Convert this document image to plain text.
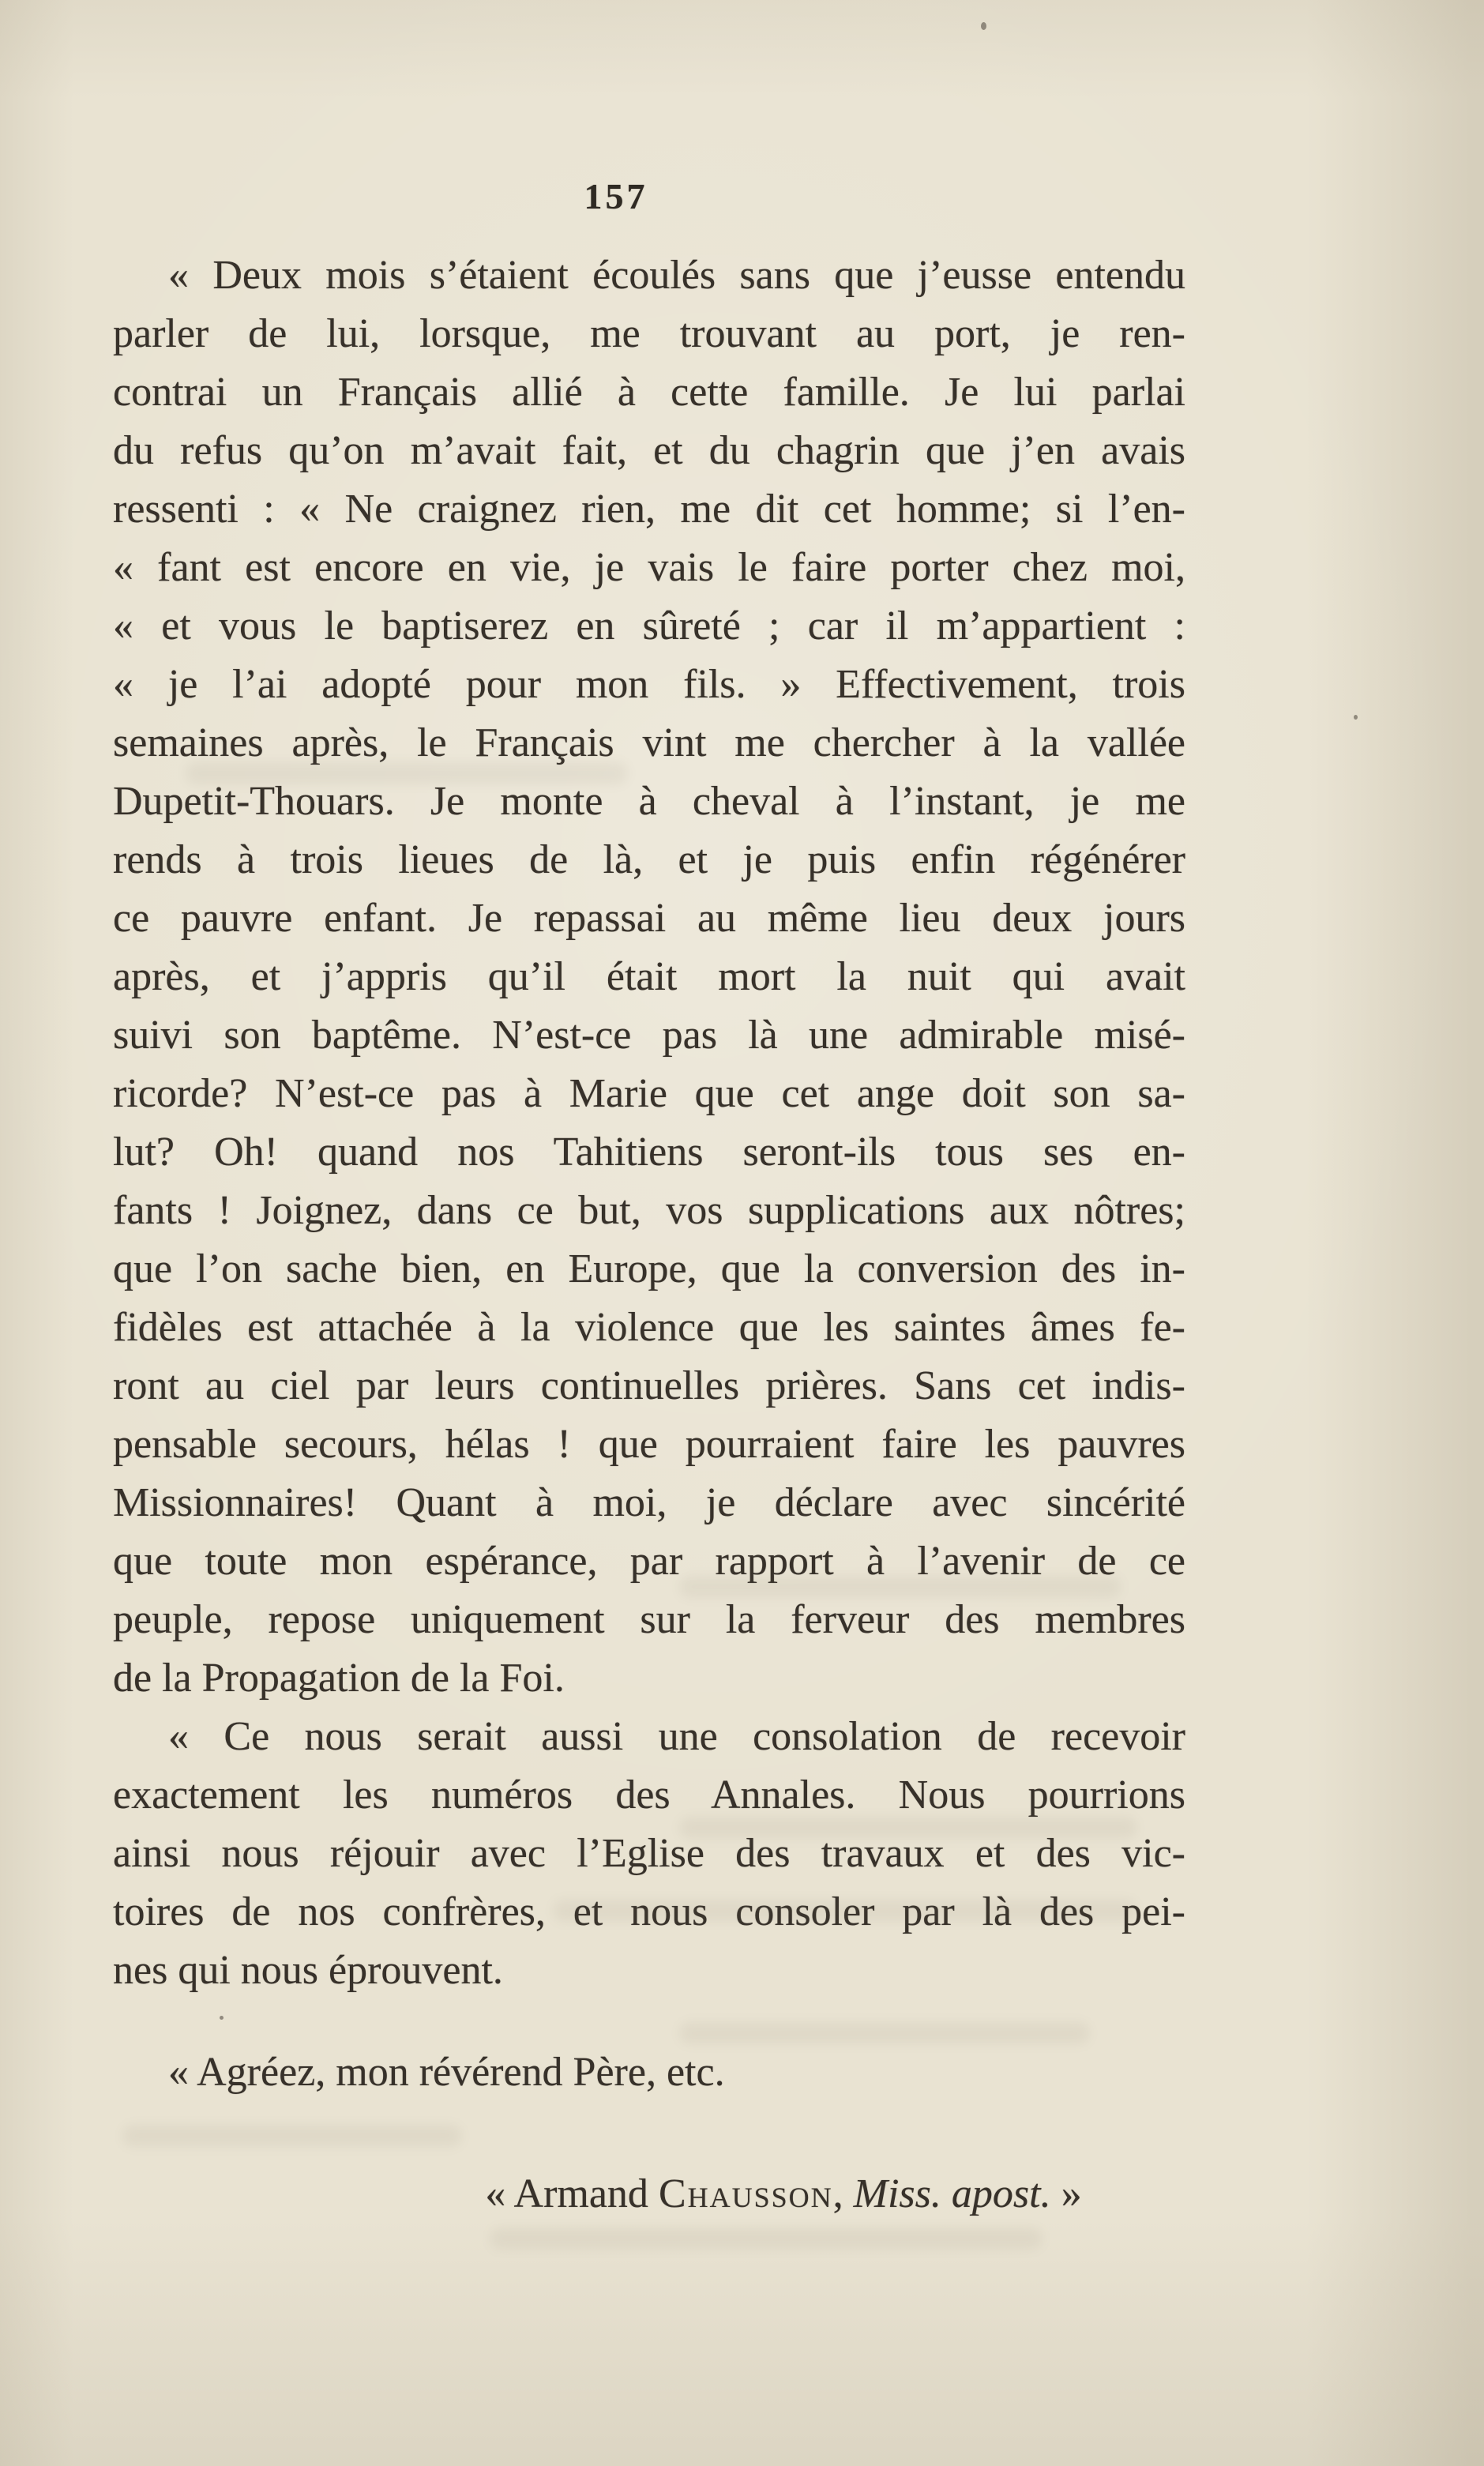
157
« Deux mois s’étaient écoulés sans que j’eusse entendu
parler de lui, lorsque, me trouvant au port, je ren-
contrai un Français allié à cette famille. Je lui parlai
du refus qu’on m’avait fait, et du chagrin que j’en avais
ressenti : « Ne craignez rien, me dit cet homme; si l’en-
« fant est encore en vie, je vais le faire porter chez moi,
« et vous le baptiserez en sûreté ; car il m’appartient :
« je l’ai adopté pour mon fils. » Effectivement, trois
semaines après, le Français vint me chercher à la vallée
Dupetit-Thouars. Je monte à cheval à l’instant, je me
rends à trois lieues de là, et je puis enfin régénérer
ce pauvre enfant. Je repassai au même lieu deux jours
après, et j’appris qu’il était mort la nuit qui avait
suivi son baptême. N’est-ce pas là une admirable misé-
ricorde? N’est-ce pas à Marie que cet ange doit son sa-
lut? Oh! quand nos Tahitiens seront-ils tous ses en-
fants ! Joignez, dans ce but, vos supplications aux nôtres;
que l’on sache bien, en Europe, que la conversion des in-
fidèles est attachée à la violence que les saintes âmes fe-
ront au ciel par leurs continuelles prières. Sans cet indis-
pensable secours, hélas ! que pourraient faire les pauvres
Missionnaires! Quant à moi, je déclare avec sincérité
que toute mon espérance, par rapport à l’avenir de ce
peuple, repose uniquement sur la ferveur des membres
de la Propagation de la Foi.
« Ce nous serait aussi une consolation de recevoir
exactement les numéros des Annales. Nous pourrions
ainsi nous réjouir avec l’Eglise des travaux et des vic-
toires de nos confrères, et nous consoler par là des pei-
nes qui nous éprouvent.
« Agréez, mon révérend Père, etc.
« Armand Chausson, Miss. apost. »
